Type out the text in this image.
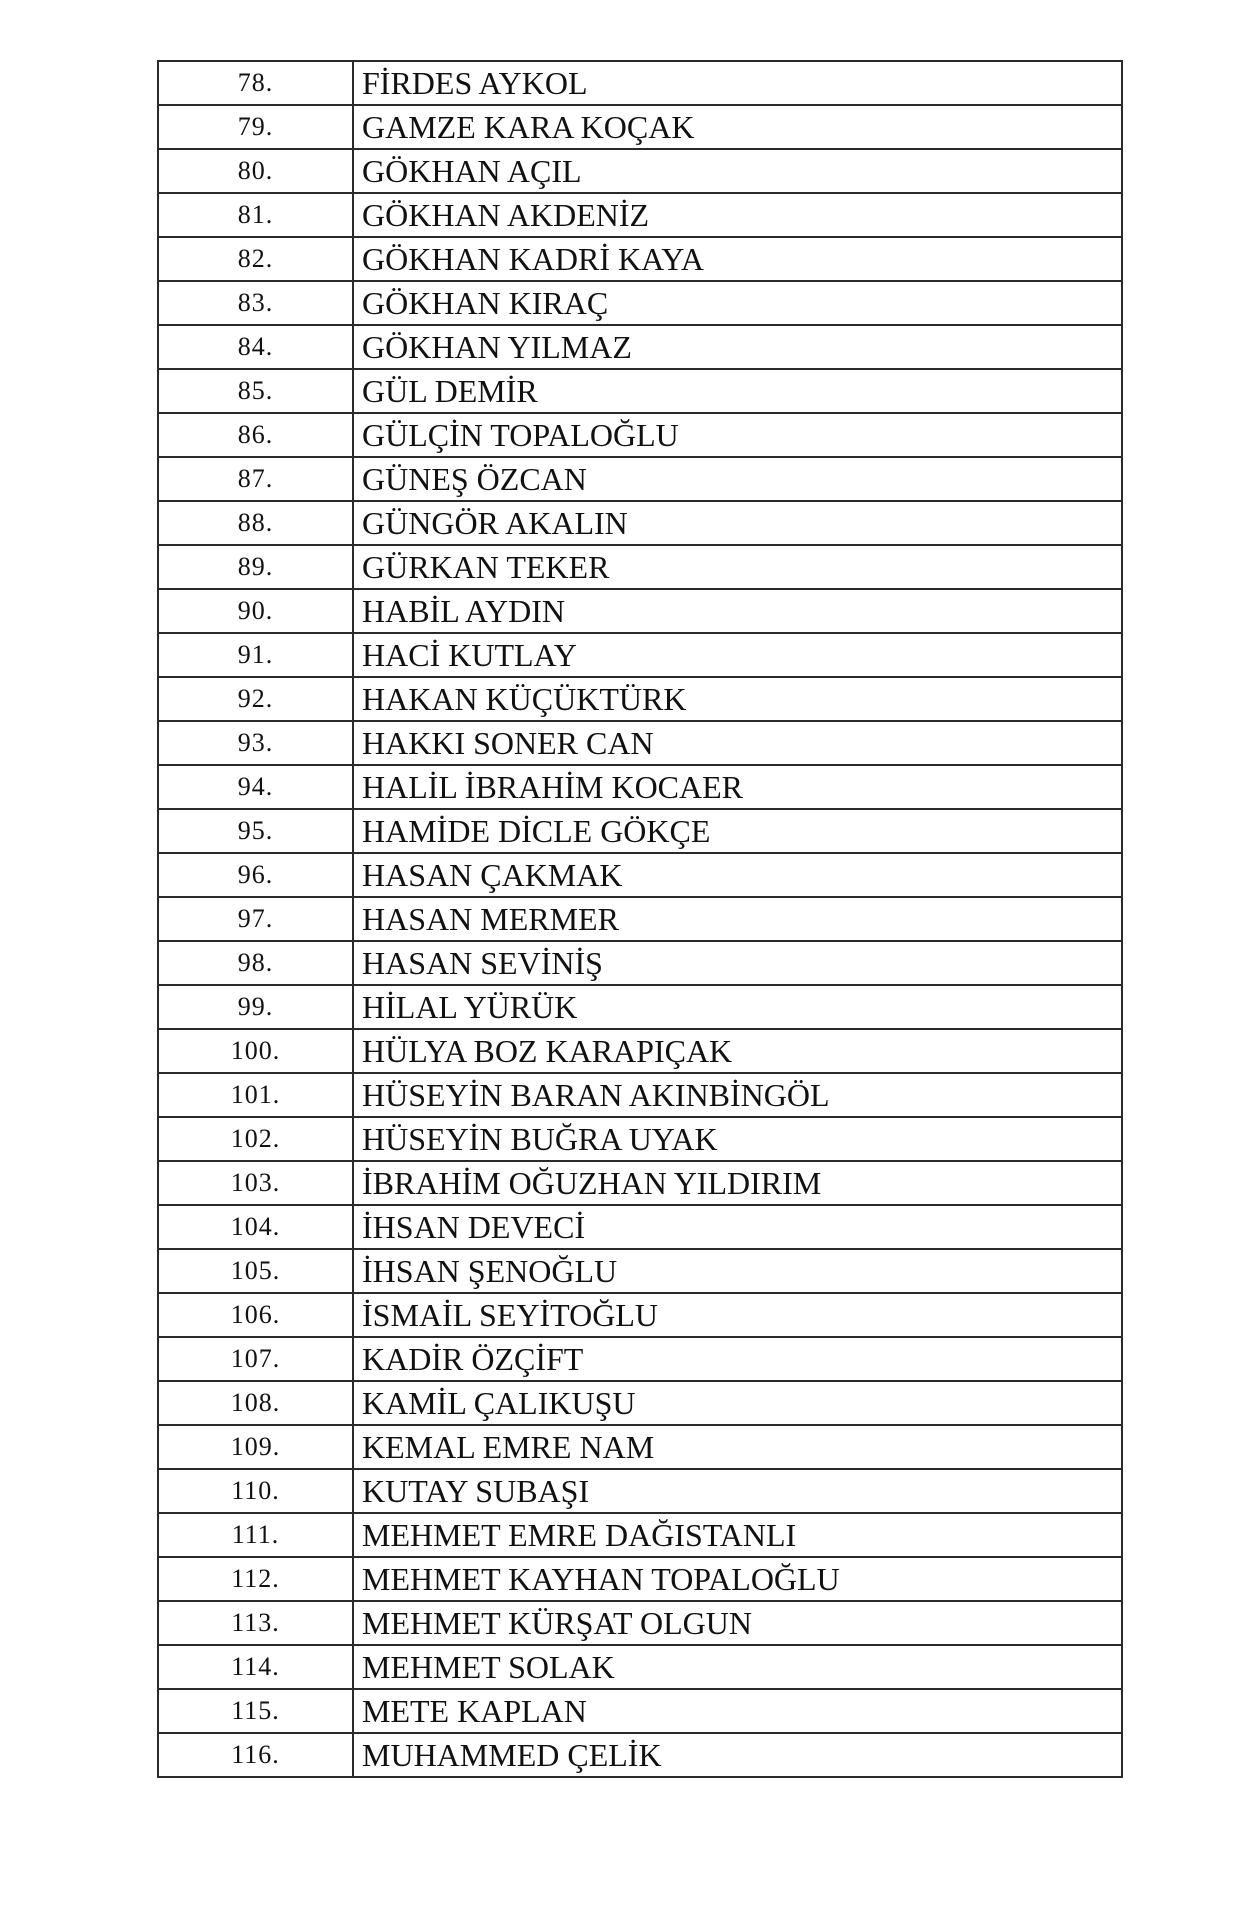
78.	FİRDES AYKOL
79.	GAMZE KARA KOÇAK
80.	GÖKHAN AÇIL
81.	GÖKHAN AKDENİZ
82.	GÖKHAN KADRİ KAYA
83.	GÖKHAN KIRAÇ
84.	GÖKHAN YILMAZ
85.	GÜL DEMİR
86.	GÜLÇİN TOPALOĞLU
87.	GÜNEŞ ÖZCAN
88.	GÜNGÖR AKALIN
89.	GÜRKAN TEKER
90.	HABİL AYDIN
91.	HACİ KUTLAY
92.	HAKAN KÜÇÜKTÜRK
93.	HAKKI SONER CAN
94.	HALİL İBRAHİM KOCAER
95.	HAMİDE DİCLE GÖKÇE
96.	HASAN ÇAKMAK
97.	HASAN MERMER
98.	HASAN SEVİNİŞ
99.	HİLAL YÜRÜK
100.	HÜLYA BOZ KARAPIÇAK
101.	HÜSEYİN BARAN AKINBİNGÖL
102.	HÜSEYİN BUĞRA UYAK
103.	İBRAHİM OĞUZHAN YILDIRIM
104.	İHSAN DEVECİ
105.	İHSAN ŞENOĞLU
106.	İSMAİL SEYİTOĞLU
107.	KADİR ÖZÇİFT
108.	KAMİL ÇALIKUŞU
109.	KEMAL EMRE NAM
110.	KUTAY SUBAŞI
111.	MEHMET EMRE DAĞISTANLI
112.	MEHMET KAYHAN TOPALOĞLU
113.	MEHMET KÜRŞAT OLGUN
114.	MEHMET SOLAK
115.	METE KAPLAN
116.	MUHAMMED ÇELİK
